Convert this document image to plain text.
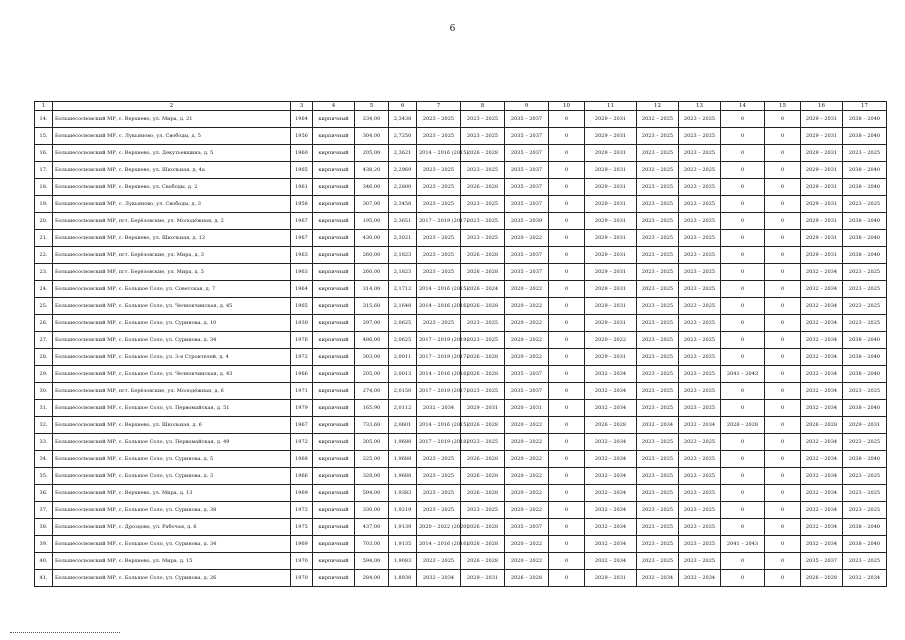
6
1	2	3	4	5	6	7	8	9	10	11	12	13	14	15	16	17
14.	Большесосновский МР, с. Верхнево, ул. Мира, д. 21	1964	кирпичный	234,00	2,3438	2023 – 2025	2023 – 2025	2035 – 2037	0	2029 – 2031	2032 – 2025	2023 – 2025	0	0	2029 – 2031	2038 – 2040
15.	Большесосновский МР, с. Лукьяново, ул. Свободы, д. 5	1956	кирпичный	304,00	2,7250	2023 – 2025	2023 – 2025	2035 – 2037	0	2029 – 2031	2023 – 2025	2023 – 2025	0	0	2029 – 2031	2038 – 2040
16.	Большесосновский МР, с. Верхнево, ул. Декутьевщина, д. 5	1960	кирпичный	205,00	2,3621	2014 – 2016 (2015)	2026 – 2028	2035 – 2037	0	2029 – 2031	2023 – 2025	2023 – 2025	0	0	2029 – 2031	2023 – 2025
17.	Большесосновский МР, с. Верхнево, ул. Школьная, д. 4а	1965	кирпичный	438,20	2,2969	2023 – 2025	2023 – 2025	2035 – 2037	0	2029 – 2031	2032 – 2025	2023 – 2025	0	0	2029 – 2031	2038 – 2040
18.	Большесосновский МР, с. Верхнево, ул. Свободы, д. 2	1961	кирпичный	346,00	2,2800	2023 – 2025	2026 – 2028	2035 – 2037	0	2029 – 2031	2023 – 2025	2023 – 2025	0	0	2029 – 2031	2038 – 2040
19.	Большесосновский МР, с. Лукьяново, ул. Свободы, д. 3	1958	кирпичный	307,00	2,3458	2023 – 2025	2023 – 2025	2035 – 2037	0	2029 – 2031	2023 – 2025	2023 – 2025	0	0	2029 – 2031	2023 – 2025
20.	Большесосновский МР, пгт. Берёзовские, ул. Молодёжная, д. 2	1967	кирпичный	195,00	2,3651	2017 – 2019 (2017)	2023 – 2025	2035 – 2039	0	2029 – 2031	2023 – 2025	2023 – 2025	0	0	2029 – 2031	2038 – 2040
21.	Большесосновский МР, с. Верхнево, ул. Школьная, д. 12	1967	кирпичный	430,00	2,3021	2023 – 2025	2023 – 2025	2020 – 2022	0	2029 – 2031	2023 – 2025	2023 – 2025	0	0	2029 – 2031	2038 – 2040
22.	Большесосновский МР, пгт. Берёзовские, ул. Мира, д. 3	1963	кирпичный	260,00	2,1823	2023 – 2025	2026 – 2028	2035 – 2037	0	2029 – 2031	2023 – 2025	2023 – 2025	0	0	2029 – 2031	2038 – 2040
23.	Большесосновский МР, пгт. Берёзовские, ул. Мира, д. 5	1963	кирпичный	260,00	2,1823	2023 – 2025	2026 – 2028	2035 – 2037	0	2029 – 2031	2023 – 2025	2023 – 2025	0	0	2032 – 2034	2023 – 2025
24.	Большесосновский МР, с. Большое Соло, ул. Советская, д. 7	1964	кирпичный	314,00	2,1712	2014 – 2016 (2015)	2026 – 2024	2020 – 2022	0	2029 – 2031	2023 – 2025	2023 – 2025	0	0	2032 – 2034	2023 – 2025
25.	Большесосновский МР, с. Большое Соло, ул. Челнокчинская, д. 45	1965	кирпичный	315,60	2,1648	2014 – 2016 (2016)	2026 – 2028	2020 – 2022	0	2029 – 2031	2023 – 2025	2023 – 2025	0	0	2032 – 2034	2023 – 2025
26.	Большесосновский МР, с. Большое Соло, ул. Суринова, д. 10	1930	кирпичный	297,00	2,0625	2023 – 2025	2023 – 2025	2020 – 2022	0	2029 – 2031	2023 – 2025	2023 – 2025	0	0	2032 – 2034	2023 – 2025
27.	Большесосновский МР, с. Большое Соло, ул. Суринова, д. 34	1976	кирпичный	486,00	2,0625	2017 – 2019 (2019)	2023 – 2025	2020 – 2022	0	2020 – 2022	2023 – 2025	2023 – 2025	0	0	2032 – 2034	2038 – 2040
28.	Большесосновский МР, с. Большое Соло, ул. 3-я Строителей, д. 4	1972	кирпичный	303,00	2,0011	2017 – 2019 (2017)	2026 – 2028	2020 – 2022	0	2029 – 2031	2023 – 2025	2023 – 2025	0	0	2032 – 2034	2038 – 2040
29.	Большесосновский МР, с. Большое Соло, ул. Челнокчинская, д. 43	1966	кирпичный	205,00	2,0013	2014 – 2016 (2016)	2026 – 2028	2035 – 2037	0	2032 – 2034	2023 – 2025	2023 – 2025	2041 – 2043	0	2032 – 2034	2038 – 2040
30.	Большесосновский МР, пгт. Берёзовские, ул. Молодёжная, д. 6	1971	кирпичный	274,00	2,0150	2017 – 2019 (2017)	2023 – 2025	2035 – 2037	0	2032 – 2034	2023 – 2025	2023 – 2025	0	0	2032 – 2034	2023 – 2025
31.	Большесосновский МР, с. Большое Соло, ул. Первомайская, д. 51	1979	кирпичный	165,90	2,0112	2032 – 2034	2029 – 2031	2020 – 2031	0	2032 – 2034	2023 – 2025	2023 – 2025	0	0	2032 – 2034	2038 – 2040
32.	Большесосновский МР, с. Верхнево, ул. Школьная, д. 6	1967	кирпичный	733,60	2,0601	2014 – 2016 (2015)	2026 – 2028	2020 – 2022	0	2026 – 2028	2032 – 2034	2032 – 2034	2026 – 2028	0	2026 – 2028	2029 – 2031
33.	Большесосновский МР, с. Большое Соло, ул. Первомайская, д. 49	1972	кирпичный	305,00	1,9688	2017 – 2019 (2018)	2023 – 2025	2020 – 2022	0	2032 – 2034	2023 – 2025	2023 – 2025	0	0	2032 – 2034	2023 – 2025
34.	Большесосновский МР, с. Большое Соло, ул. Суринова, д. 5	1968	кирпичный	225,00	1,9688	2023 – 2025	2026 – 2028	2020 – 2022	0	2032 – 2034	2023 – 2025	2023 – 2025	0	0	2032 – 2034	2038 – 2040
35.	Большесосновский МР, с. Большое Соло, ул. Суринова, д. 3	1966	кирпичный	328,00	1,9688	2023 – 2025	2026 – 2028	2020 – 2022	0	2032 – 2034	2023 – 2025	2023 – 2025	0	0	2032 – 2034	2023 – 2025
36.	Большесосновский МР, с. Верхнево, ул. Мира, д. 13	1969	кирпичный	594,00	1,9383	2023 – 2025	2026 – 2028	2020 – 2022	0	2032 – 2034	2023 – 2025	2023 – 2025	0	0	2032 – 2034	2023 – 2025
37.	Большесосновский МР, с. Большое Соло, ул. Суринова, д. 38	1973	кирпичный	330,00	1,9219	2023 – 2025	2023 – 2025	2020 – 2022	0	2032 – 2034	2023 – 2025	2023 – 2025	0	0	2032 – 2034	2023 – 2025
38.	Большесосновский МР, с. Дроздово, ул. Рабочая, д. 6	1975	кирпичный	437,00	1,9139	2020 – 2022 (2020)	2026 – 2028	2035 – 2037	0	2032 – 2034	2023 – 2025	2023 – 2025	0	0	2032 – 2034	2038 – 2040
39.	Большесосновский МР, с. Большое Соло, ул. Суринова, д. 34	1969	кирпичный	703,00	1,9135	2014 – 2016 (2016)	2026 – 2028	2020 – 2022	0	2032 – 2034	2023 – 2025	2023 – 2025	2041 – 2043	0	2032 – 2034	2038 – 2040
40.	Большесосновский МР, с. Верхнево, ул. Мира, д. 15	1970	кирпичный	594,00	1,9083	2023 – 2025	2026 – 2028	2020 – 2022	0	2032 – 2034	2023 – 2025	2023 – 2025	0	0	2035 – 2037	2023 – 2025
41.	Большесосновский МР, с. Большое Соло, ул. Суринова, д. 26	1970	кирпичный	284,00	1,8938	2032 – 2034	2029 – 2031	2026 – 2028	0	2029 – 2031	2032 – 2034	2032 – 2034	0	0	2026 – 2028	2032 – 2034
